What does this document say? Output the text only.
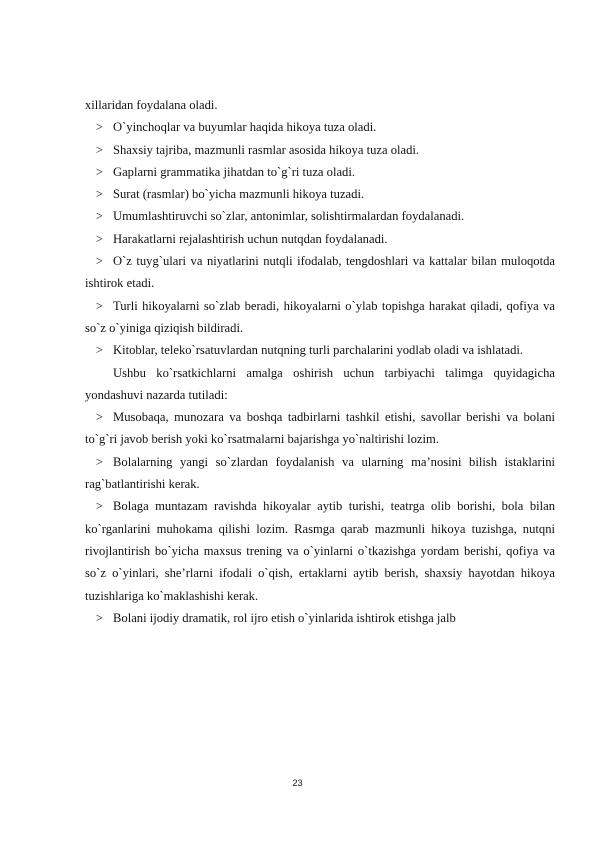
xillaridan foydalana oladi.

> O`yinchoqlar va buyumlar haqida hikoya tuza oladi.

> Shaxsiy tajriba, mazmunli rasmlar asosida hikoya tuza oladi.

> Gaplarni grammatika jihatdan to`g`ri tuza oladi.

> Surat (rasmlar) bo`yicha mazmunli hikoya tuzadi.

> Umumlashtiruvchi so`zlar, antonimlar, solishtirmalardan foydalanadi.

> Harakatlarni rejalashtirish uchun nutqdan foydalanadi.

> O`z tuyg`ulari va niyatlarini nutqli ifodalab, tengdoshlari va kattalar bilan muloqotda ishtirok etadi.

> Turli hikoyalarni so`zlab beradi, hikoyalarni o`ylab topishga harakat qiladi, qofiya va so`z o`yiniga qiziqish bildiradi.

> Kitoblar, teleko`rsatuvlardan nutqning turli parchalarini yodlab oladi va ishlatadi.

Ushbu ko`rsatkichlarni amalga oshirish uchun tarbiyachi talimga quyidagicha yondashuvi nazarda tutiladi:

> Musobaqa, munozara va boshqa tadbirlarni tashkil etishi, savollar berishi va bolani to`g`ri javob berish yoki ko`rsatmalarni bajarishga yo`naltirishi lozim.

> Bolalarning yangi so`zlardan foydalanish va ularning ma’nosini bilish istaklarini rag`batlantirishi kerak.

> Bolaga muntazam ravishda hikoyalar aytib turishi, teatrga olib borishi, bola bilan ko`rganlarini muhokama qilishi lozim. Rasmga qarab mazmunli hikoya tuzishga, nutqni rivojlantirish bo`yicha maxsus trening va o`yinlarni o`tkazishga yordam berishi, qofiya va so`z o`yinlari, she’rlarni ifodali o`qish, ertaklarni aytib berish, shaxsiy hayotdan hikoya tuzishlariga ko`maklashishi kerak.

> Bolani ijodiy dramatik, rol ijro etish o`yinlarida ishtirok etishga jalb

23
